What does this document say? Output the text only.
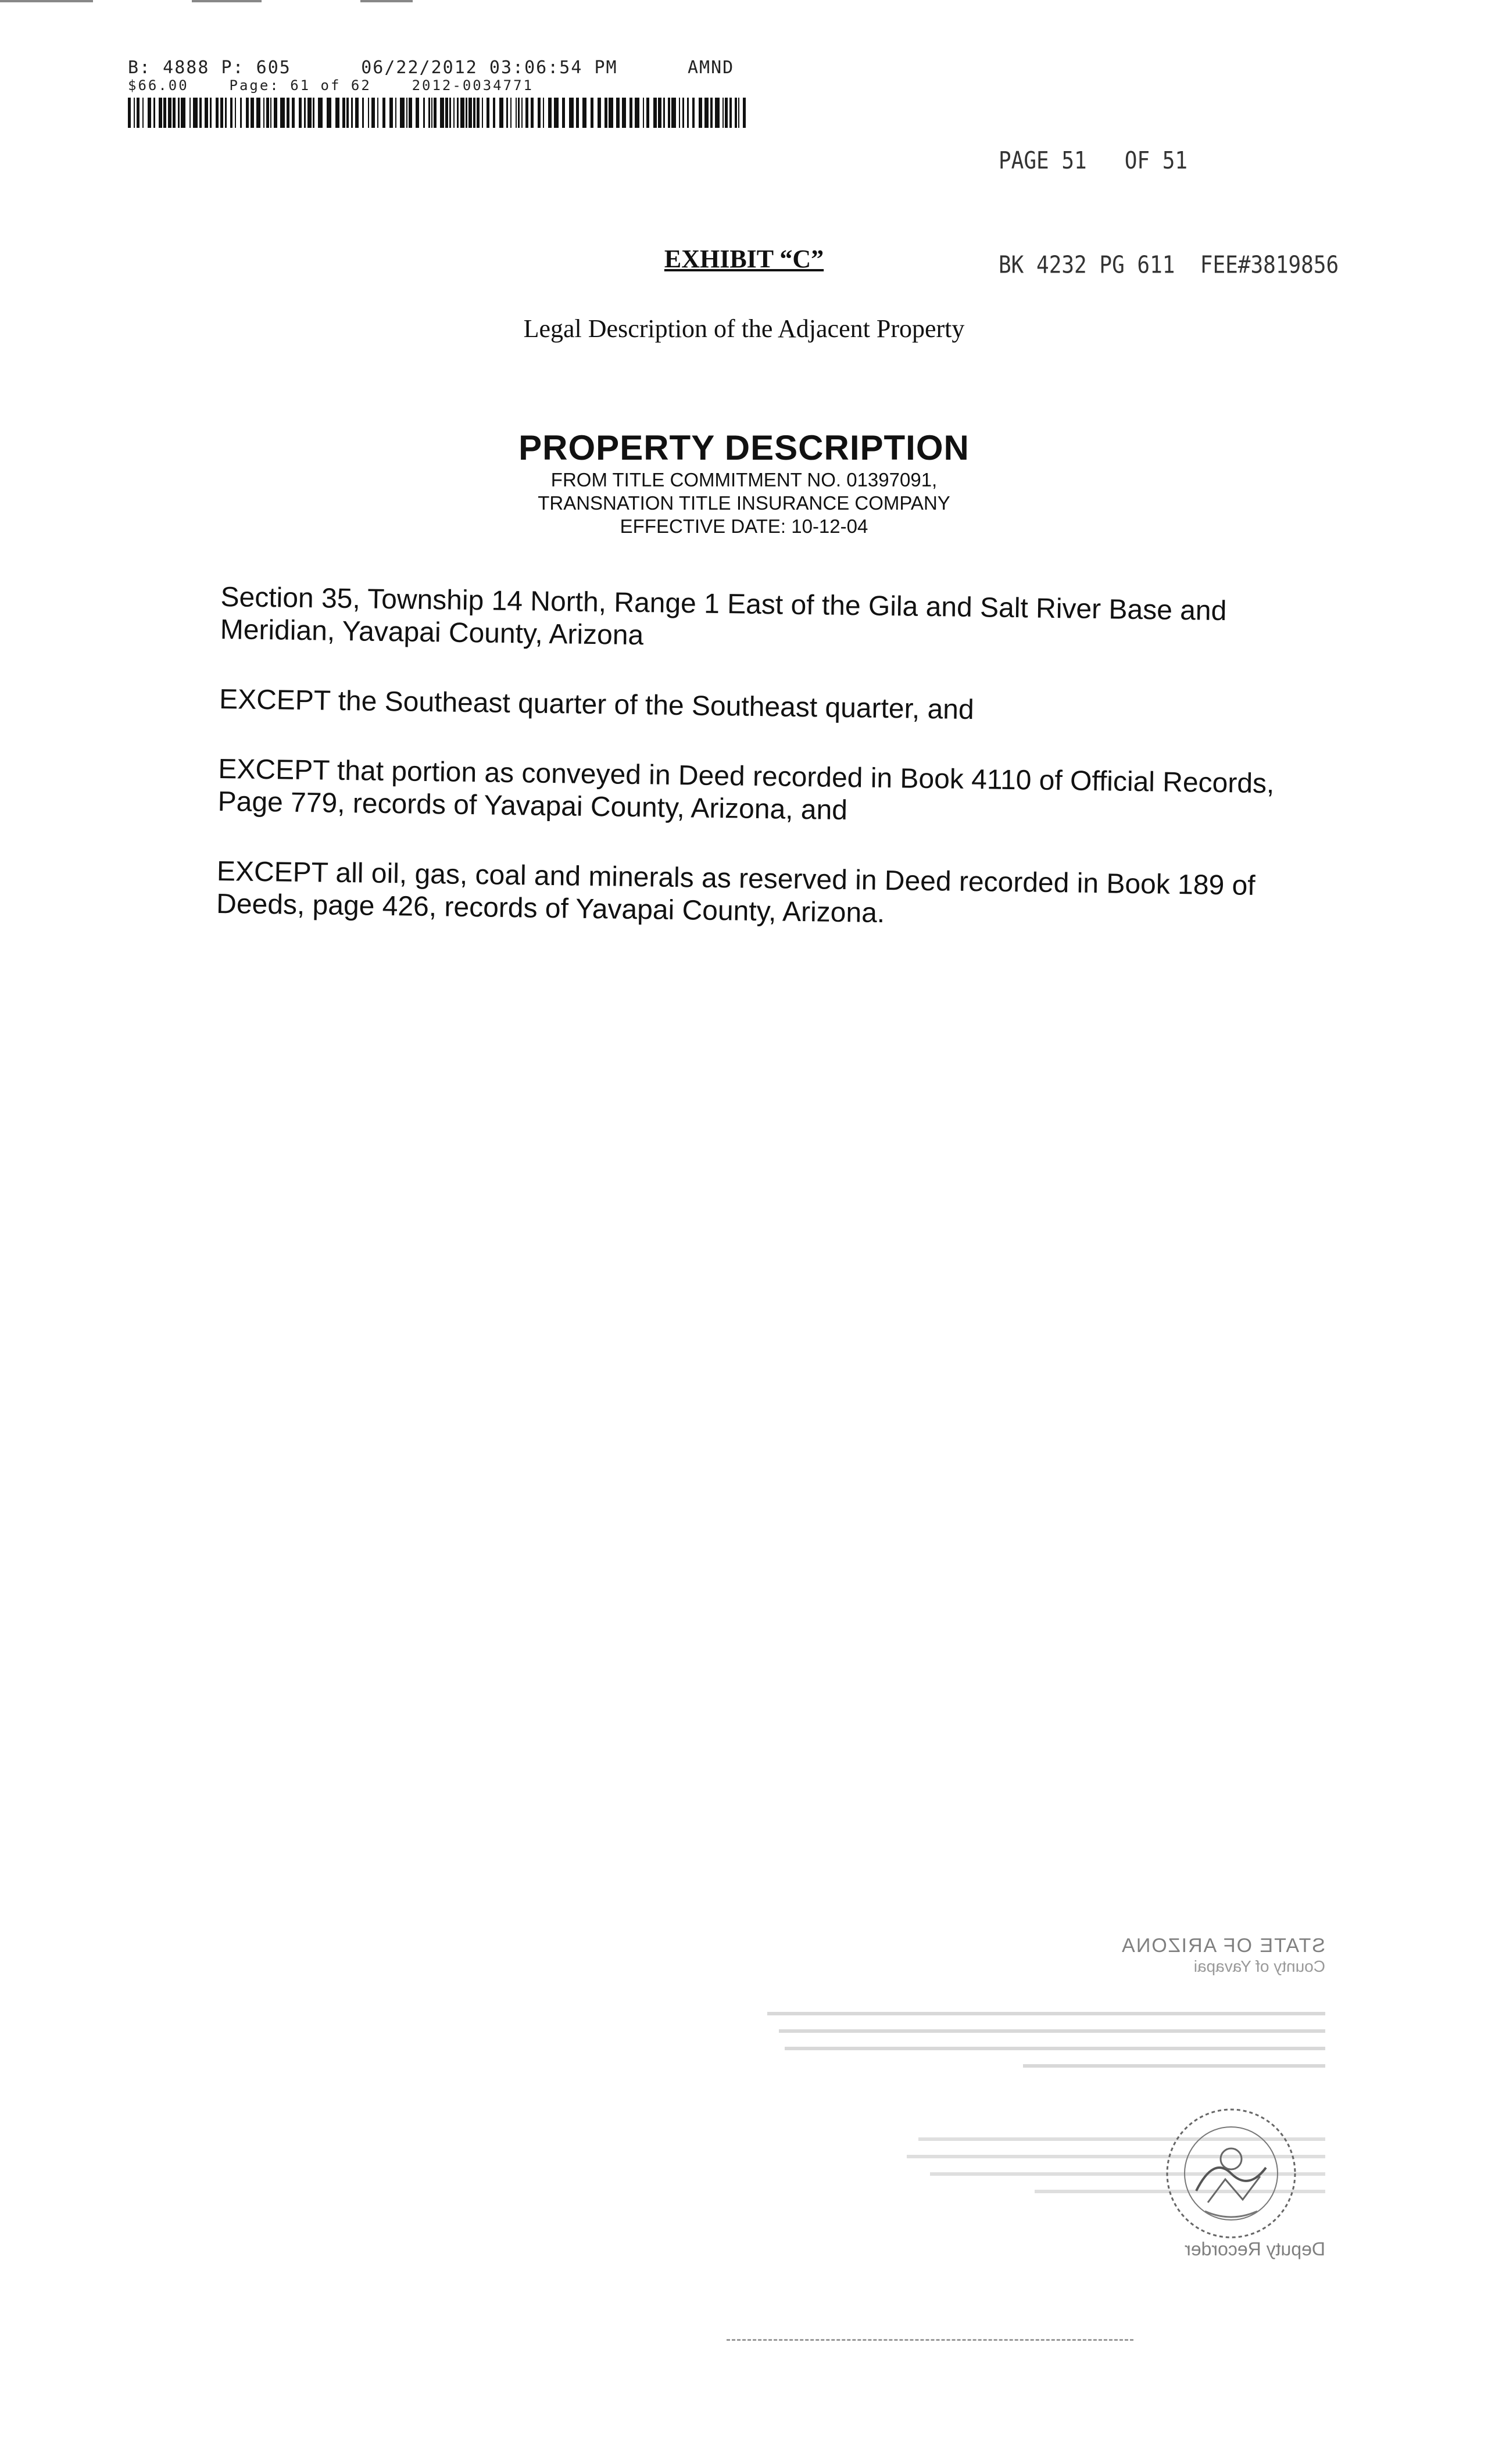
B: 4888 P: 605      06/22/2012 03:06:54 PM      AMND
$66.00    Page: 61 of 62    2012-0034771

PAGE 51   OF 51

BK 4232 PG 611  FEE#3819856

EXHIBIT “C”
Legal Description of the Adjacent Property
PROPERTY DESCRIPTION
FROM TITLE COMMITMENT NO. 01397091,
TRANSNATION TITLE INSURANCE COMPANY
EFFECTIVE DATE: 10-12-04

Section 35, Township 14 North, Range 1 East of the Gila and Salt River Base and Meridian, Yavapai County, Arizona

EXCEPT the Southeast quarter of the Southeast quarter, and

EXCEPT that portion as conveyed in Deed recorded in Book 4110 of Official Records, Page 779, records of Yavapai County, Arizona, and

EXCEPT all oil, gas, coal and minerals as reserved in Deed recorded in Book 189 of Deeds, page 426, records of Yavapai County, Arizona.

STATE OF ARIZONA
County of Yavapai
Deputy Recorder
